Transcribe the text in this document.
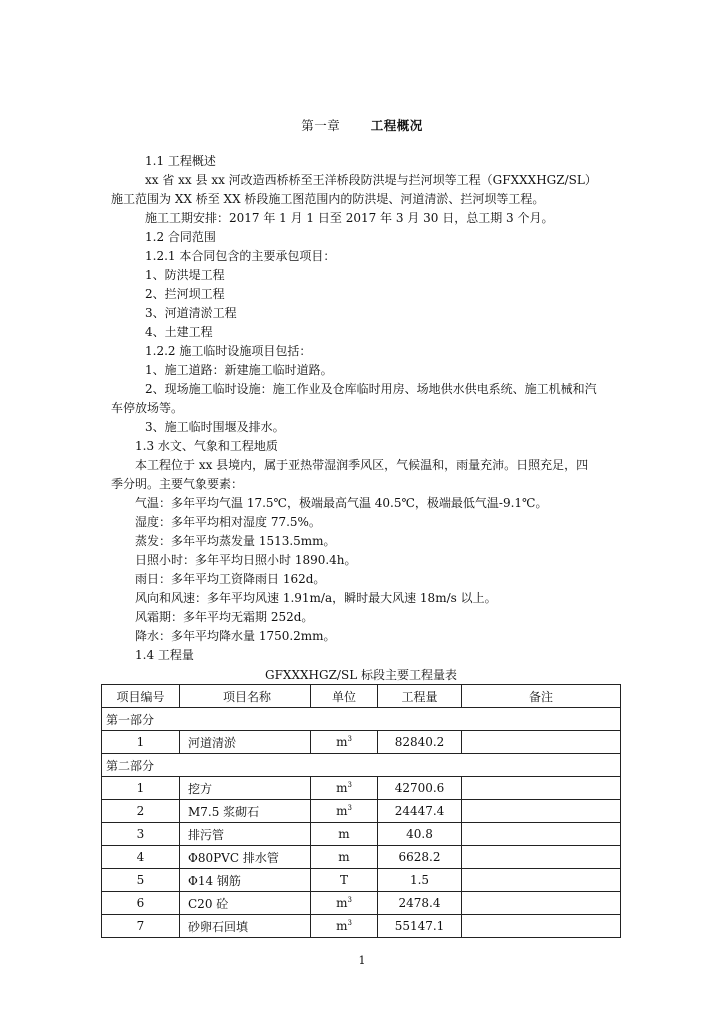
第一章 工程概况
1.1 工程概述
xx 省 xx 县 xx 河改造西桥桥至王洋桥段防洪堤与拦河坝等工程（GFXXXHGZ/SL）
施工范围为 XX 桥至 XX 桥段施工图范围内的防洪堤、河道清淤、拦河坝等工程。
施工工期安排：2017 年 1 月 1 日至 2017 年 3 月 30 日，总工期 3 个月。
1.2 合同范围
1.2.1 本合同包含的主要承包项目：
1、防洪堤工程
2、拦河坝工程
3、河道清淤工程
4、土建工程
1.2.2 施工临时设施项目包括：
1、施工道路：新建施工临时道路。
2、现场施工临时设施：施工作业及仓库临时用房、场地供水供电系统、施工机械和汽
车停放场等。
3、施工临时围堰及排水。
1.3 水文、气象和工程地质
本工程位于 xx 县境内，属于亚热带湿润季风区，气候温和，雨量充沛。日照充足，四
季分明。主要气象要素：
气温：多年平均气温 17.5℃，极端最高气温 40.5℃，极端最低气温-9.1℃。
湿度：多年平均相对湿度 77.5%。
蒸发：多年平均蒸发量 1513.5mm。
日照小时：多年平均日照小时 1890.4h。
雨日：多年平均工资降雨日 162d。
风向和风速：多年平均风速 1.91m/a，瞬时最大风速 18m/s 以上。
风霜期：多年平均无霜期 252d。
降水：多年平均降水量 1750.2mm。
1.4 工程量
GFXXXHGZ/SL 标段主要工程量表
项目编号	项目名称	单位	工程量	备注
第一部分				
1	河道清淤	$m^3$	82840.2	
第二部分				
1	挖方	$m^3$	42700.6	
2	M7.5 浆砌石	$m^3$	24447.4	
3	排污管	m	40.8	
4	Φ80PVC 排水管	m	6628.2	
5	Φ14 钢筋	T	1.5	
6	C20 砼	$m^3$	2478.4	
7	砂卵石回填	$m^3$	55147.1	
1
